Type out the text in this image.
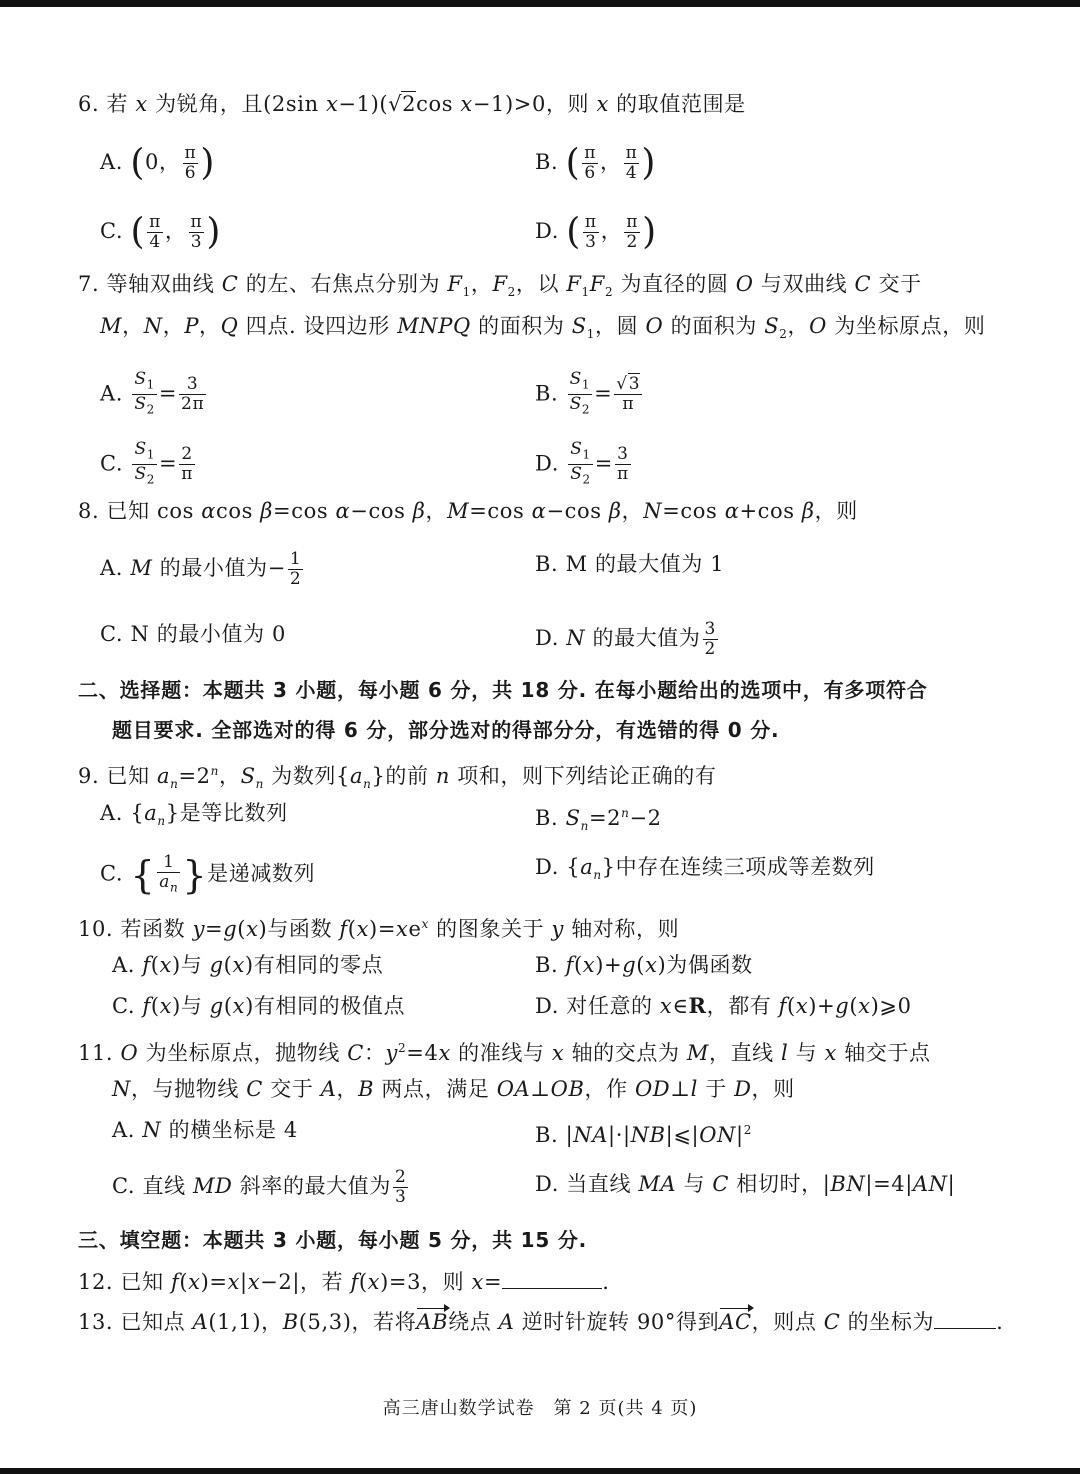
6. 若 x 为锐角，且(2sin x−1)(√2cos x−1)>0，则 x 的取值范围是
A. (0， $\frac{\pi}{6}$ )	B. ( $\frac{\pi}{6}$ ， $\frac{\pi}{4}$ )
C. ( $\frac{\pi}{4}$ ， $\frac{\pi}{3}$ )	D. ( $\frac{\pi}{3}$ ， $\frac{\pi}{2}$ )
7. 等轴双曲线 C 的左、右焦点分别为 $F_1$，$F_2$，以 $F_1F_2$ 为直径的圆 O 与双曲线 C 交于
M，N，P，Q 四点. 设四边形 MNPQ 的面积为 $S_1$，圆 O 的面积为 $S_2$，O 为坐标原点，则
A. $\frac{S_1}{S_2} = \frac{3}{2\pi}$	B. $\frac{S_1}{S_2} = \frac{√3}{\pi}$
C. $\frac{S_1}{S_2} = \frac{2}{\pi}$	D. $\frac{S_1}{S_2} = \frac{3}{\pi}$
8. 已知 cos αcos β=cos α−cos β，M=cos α−cos β，N=cos α+cos β，则
A. M 的最小值为− $\frac{1}{2}$	B. M 的最大值为 1
C. N 的最小值为 0	D. N 的最大值为 $\frac{3}{2}$
二、选择题：本题共 3 小题，每小题 6 分，共 18 分. 在每小题给出的选项中，有多项符合
题目要求. 全部选对的得 6 分，部分选对的得部分分，有选错的得 0 分.
9. 已知 $a_n=2^n$，$S_n$ 为数列$\{a_n\}$的前 n 项和，则下列结论正确的有
A. $\{a_n\}$是等比数列	B. $S_n=2^n-2$
C. { $\frac{1}{a_n}$ }是递减数列	D. $\{a_n\}$中存在连续三项成等差数列
10. 若函数 y=g(x)与函数 $f(x)=xe^x$ 的图象关于 y 轴对称，则
A. f(x)与 g(x)有相同的零点	B. f(x)+g(x)为偶函数
C. f(x)与 g(x)有相同的极值点	D. 对任意的 x∈R，都有 f(x)+g(x)⩾0
11. O 为坐标原点，抛物线 C：$y^2=4x$ 的准线与 x 轴的交点为 M，直线 l 与 x 轴交于点
N，与抛物线 C 交于 A，B 两点，满足 OA⊥OB，作 OD⊥l 于 D，则
A. N 的横坐标是 4	B. $|NA|\cdot|NB|⩽|ON|^2$
C. 直线 MD 斜率的最大值为 $\frac{2}{3}$	D. 当直线 MA 与 C 相切时，|BN|=4|AN|
三、填空题：本题共 3 小题，每小题 5 分，共 15 分.
12. 已知 f(x)=x|x−2|，若 f(x)=3，则 x=	.
13. 已知点 A(1,1)，B(5,3)，若将AB绕点 A 逆时针旋转 90°得到AC，则点 C 的坐标为	.
高三唐山数学试卷　第 2 页(共 4 页)
